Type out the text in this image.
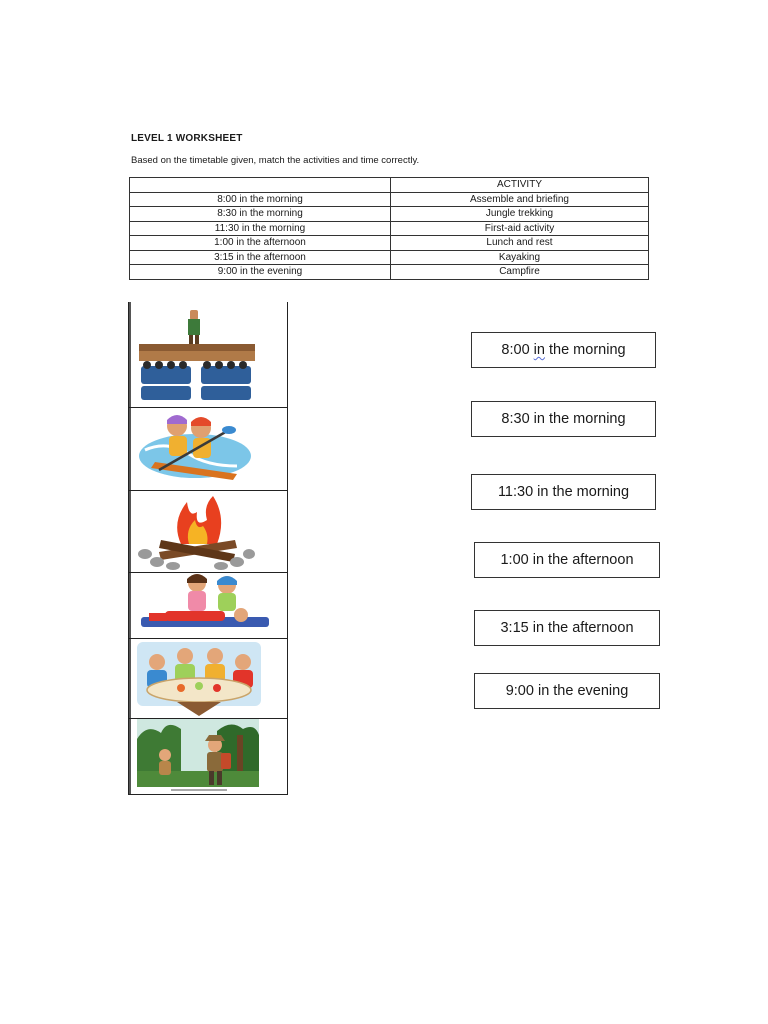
LEVEL 1 WORKSHEET
Based on the timetable given, match the activities and time correctly.
	ACTIVITY
8:00 in the morning	Assemble and briefing
8:30 in the morning	Jungle trekking
11:30 in the morning	First-aid activity
1:00 in the afternoon	Lunch and rest
3:15 in the afternoon	Kayaking
9:00 in the evening	Campfire
8:00 in the morning
8:30 in the morning
11:30 in the morning
1:00 in the afternoon
3:15 in the afternoon
9:00 in the evening
